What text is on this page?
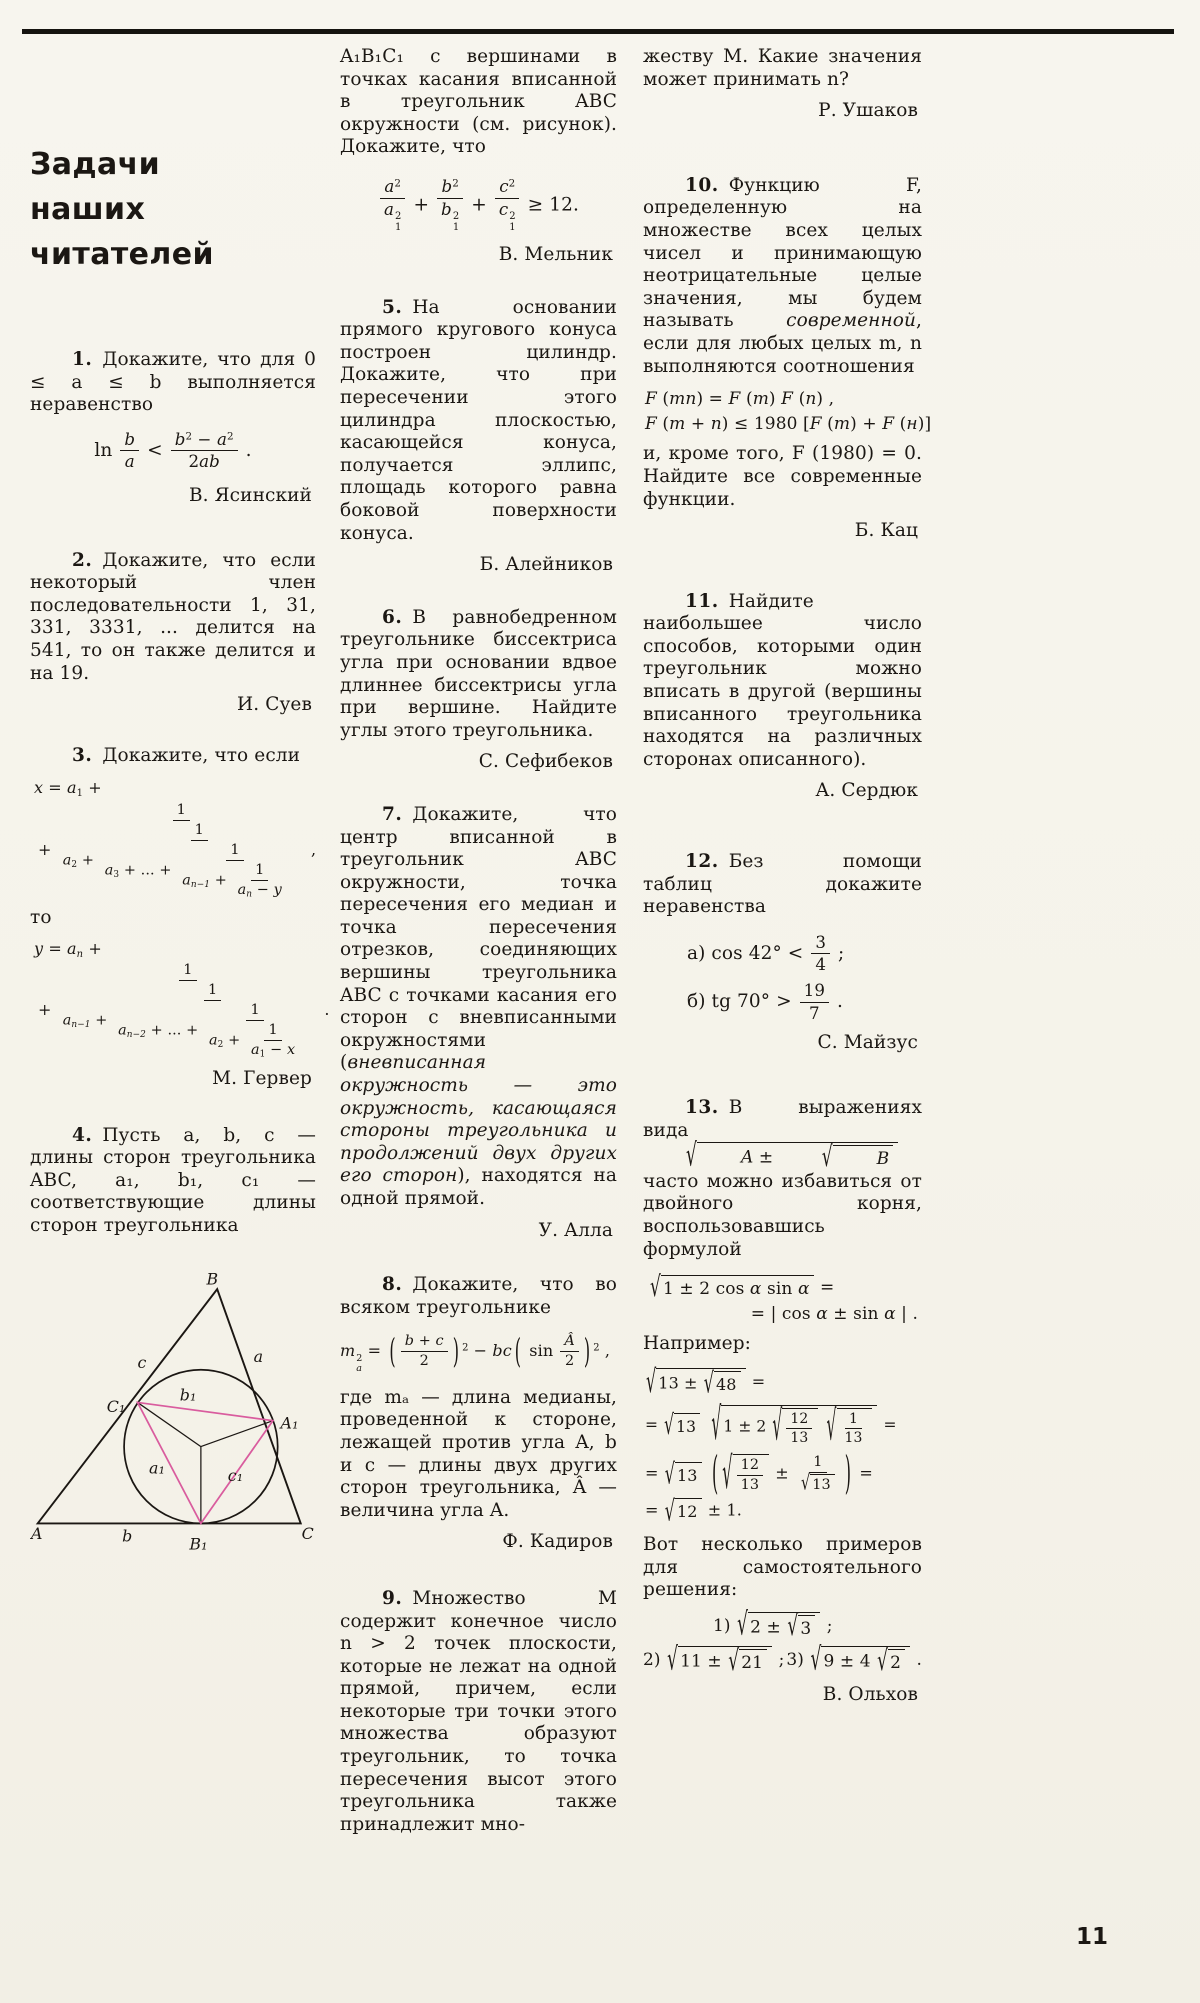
Задачи
наших читателей

1. Докажите, что для 0 ≤ a ≤ b выполняется неравенство

$\ln \frac{b}{a} < \frac{b^2 - a^2}{2ab}$ .
В. Ясинский

2. Докажите, что если некоторый член последовательности 1, 31, 331, 3331, ... делится на 541, то он также делится и на 19.

И. Суев

3. Докажите, что если

$x = a_1$ +
+ $\frac{1}{a_2 + \frac{1}{a_3 + ... + \frac{1}{a_{n-1} + \frac{1}{a_n - y}}}}$ ,

то

$y = a_n$ +
+ $\frac{1}{a_{n-1} + \frac{1}{a_{n-2} + ... + \frac{1}{a_2 + \frac{1}{a_1 - x}}}}$ .
М. Гервер

4. Пусть a, b, c — длины сторон треугольника ABC, a₁, b₁, c₁ — соответствующие длины сторон треугольника

B
c	a
C₁
A₁
b₁
a₁	c₁
A	b	B₁
C

A₁B₁C₁ с вершинами в точках касания вписанной в треугольник ABC окружности (см. рисунок). Докажите, что

$a^2$
a 2
$1 + b^2$
b 2
$1 + c^2$
c 2
1 ≥ 12.
В. Мельник

5. На основании прямого кругового конуса построен цилиндр. Докажите, что при пересечении этого цилиндра плоскостью, касающейся конуса, получается эллипс, площадь которого равна боковой поверхности конуса.

Б. Алейников

6. В равнобедренном треугольнике биссектриса угла при основании вдвое длиннее биссектрисы угла при вершине. Найдите углы этого треугольника.

С. Сефибеков

7. Докажите, что центр вписанной в треугольник ABC окружности, точка пересечения его медиан и точка пересечения отрезков, соединяющих вершины треугольника ABC с точками касания его сторон с вневписанными окружностями (вневписанная окружность — это окружность, касающаяся стороны треугольника и продолжений двух других его сторон), находятся на одной прямой.

У. Алла

8. Докажите, что во всяком треугольнике

m 2
a
= ( $\frac{b + c}{2}$ ) $^2$ − bc ( $\sin \frac{Â}{2}$ ) $^2$ ,

где mₐ — длина медианы, проведенной к стороне, лежащей против угла A, b и c — длины двух других сторон треугольника, Â — величина угла A.

Ф. Кадиров

9. Множество M содержит конечное число n > 2 точек плоскости, которые не лежат на одной прямой, причем, если некоторые три точки этого множества образуют треугольник, то точка пересечения высот этого треугольника также принадлежит мно-

жеству M. Какие значения может принимать n?

Р. Ушаков

10. Функцию F, определенную на множестве всех целых чисел и принимающую неотрицательные целые значения, мы будем называть современной, если для любых целых m, n выполняются соотношения

F (mn) = F (m) F (n) ,
F (m + n) ≤ 1980 [F (m) + F (н)]

и, кроме того, F (1980) = 0. Найдите все современные функции.

Б. Кац

11. Найдите наибольшее число способов, которыми один треугольник можно вписать в другой (вершины вписанного треугольника находятся на различных сторонах описанного).

А. Сердюк

12. Без помощи таблиц докажите неравенства

а) $\cos 42^\circ < \frac{3}{4}$ ;
б) tg $70^\circ > \frac{19}{7}$ .
С. Майзус

13. В выражениях вида
√	A ±	√	B
часто можно избавиться от двойного корня, воспользовавшись формулой

√ 1 ± 2 cos α sin α =
= | cos α ± sin α | .

Например:

√ 13 ± √ 48 =
= √ 13 √ 1 ± 2 √ $\frac{12}{13}$ √ $\frac{1}{13}$ =
= √ 13 ( √ $\frac{12}{13} \pm \frac{1}{√ 13}$ ) =
= √ 12 ± 1.

Вот несколько примеров для самостоятельного решения:

1) √ 2 ± √ 3 ;
2) √ 11 ± √ 21 ; 3) √ 9 ± 4 √ 2 .
В. Ольхов
11
